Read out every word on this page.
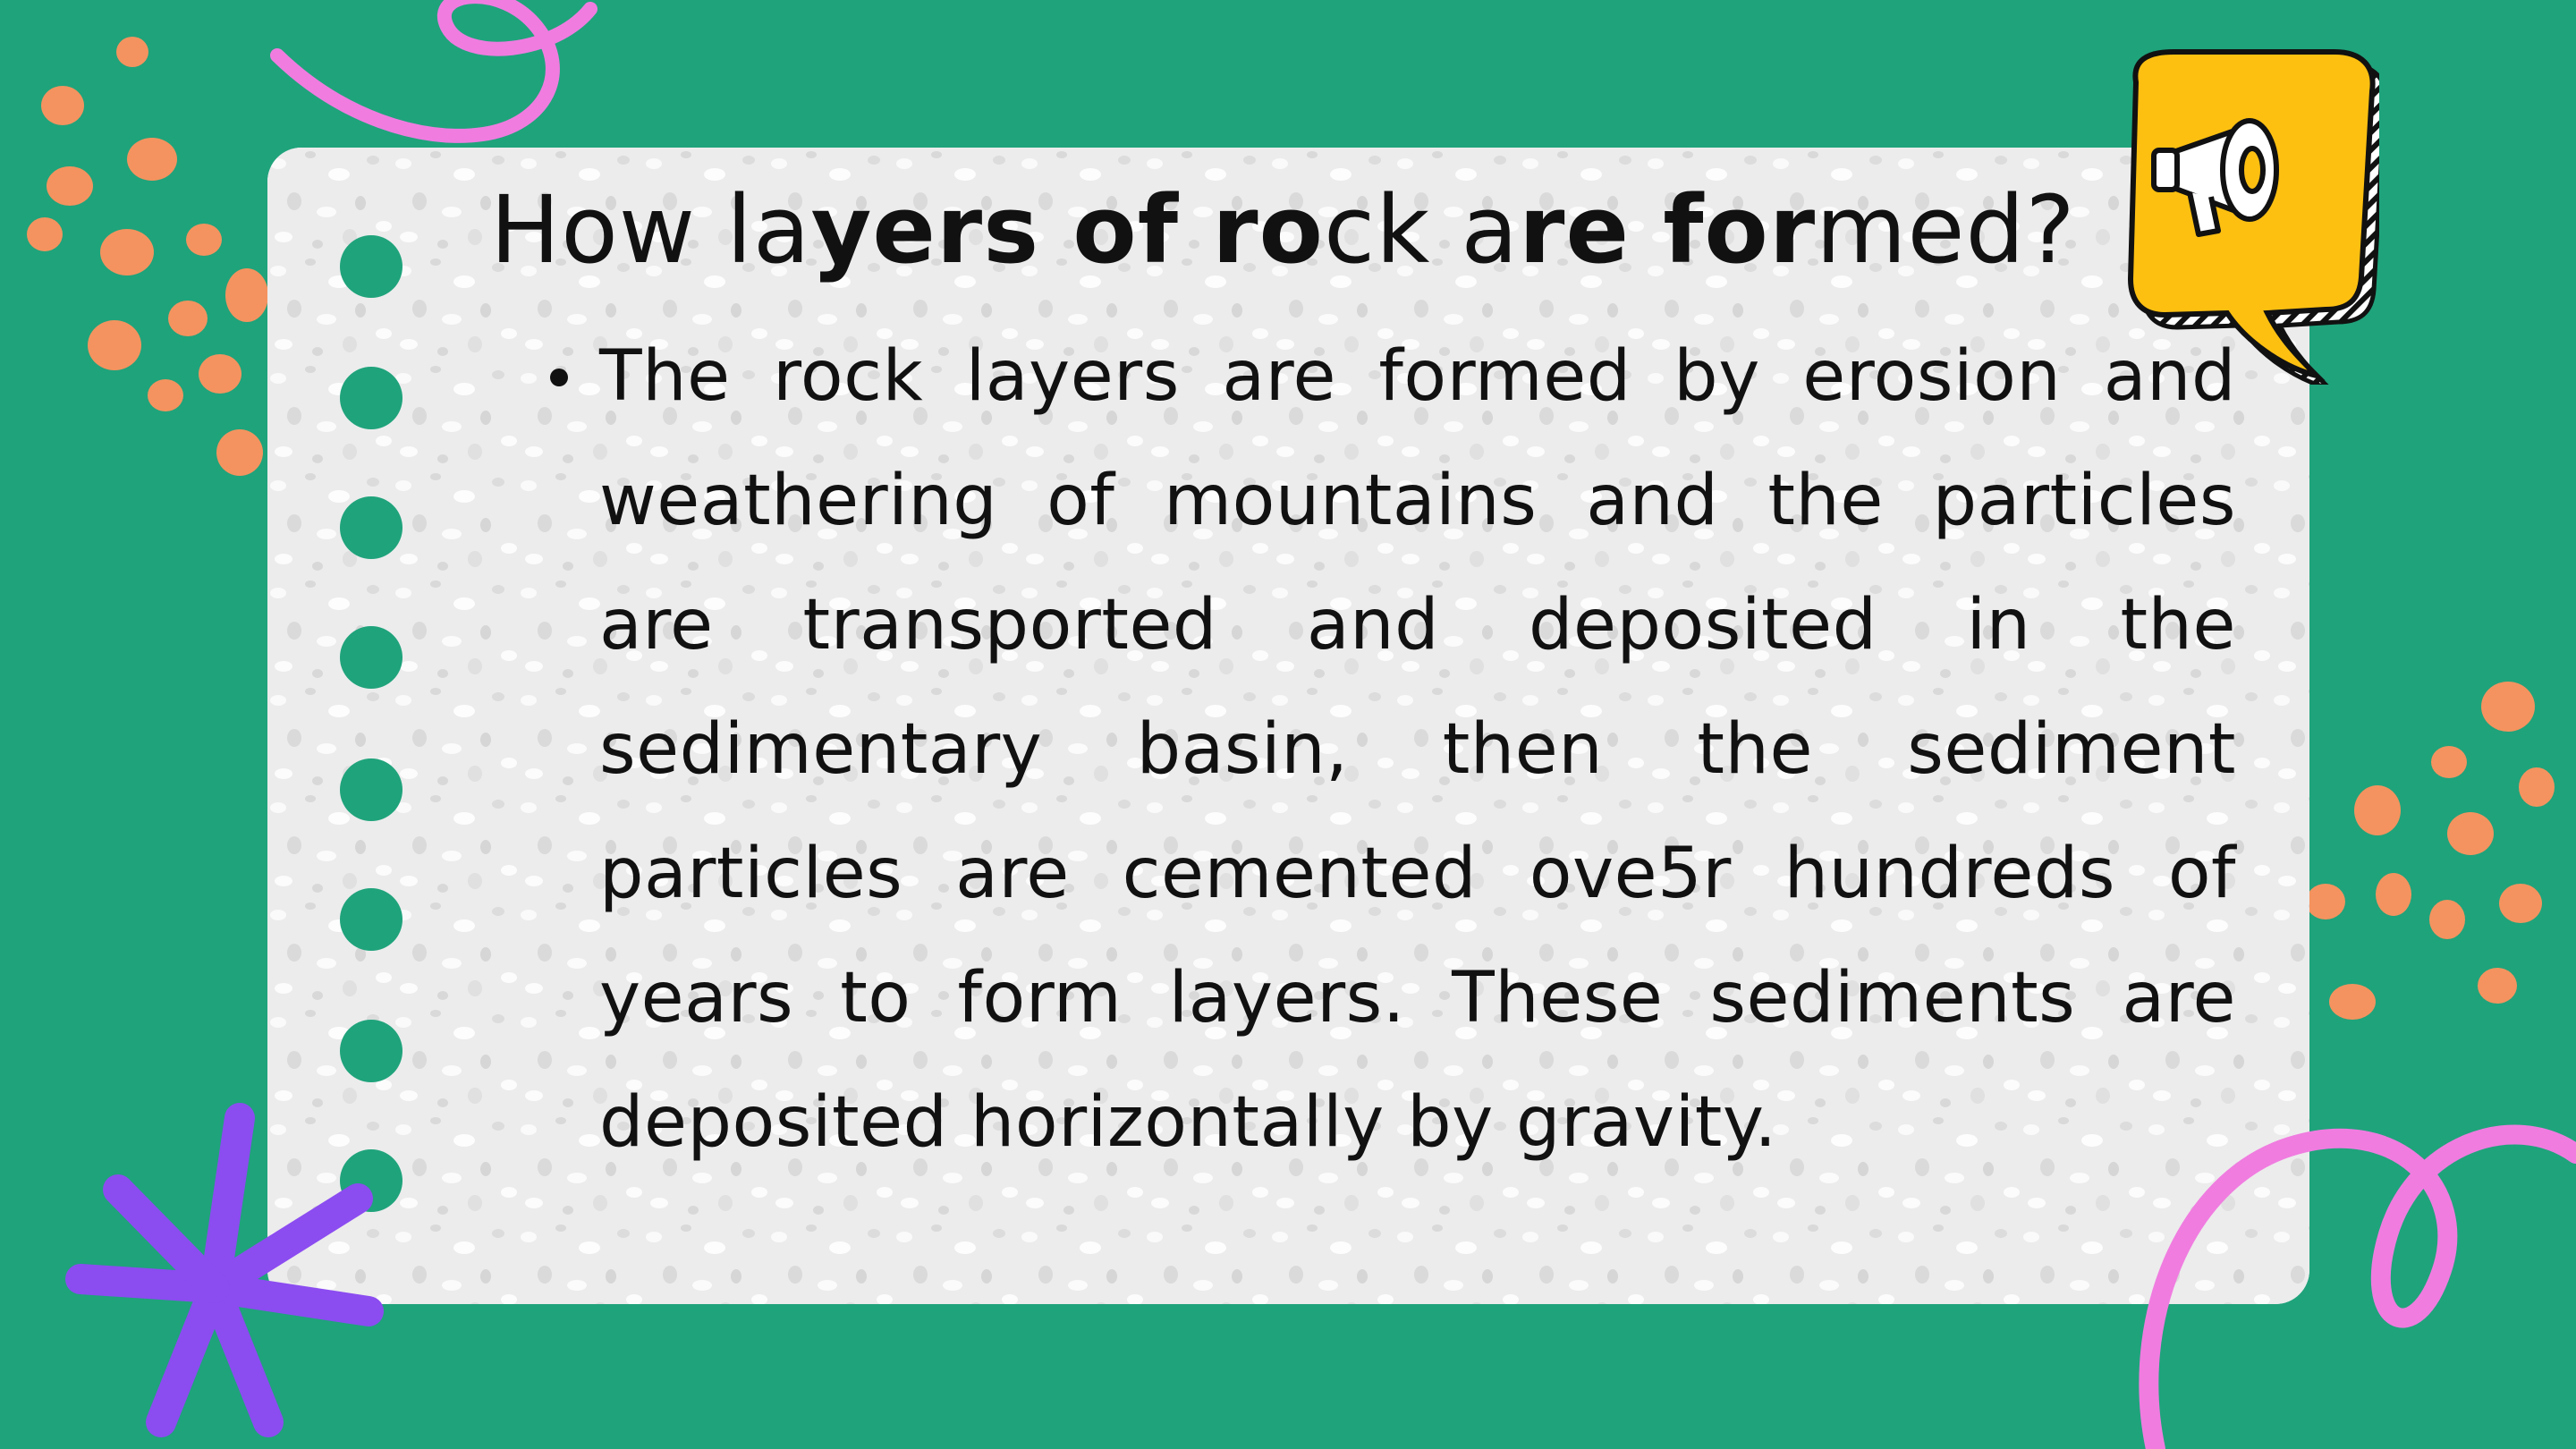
How layers of rock are formed?
The rock layers are formed by erosion and weathering of mountains and the particles are transported and deposited in the sedimentary basin, then the sediment particles are cemented ove5r hundreds of years to form layers. These sediments are deposited horizontally by gravity.
